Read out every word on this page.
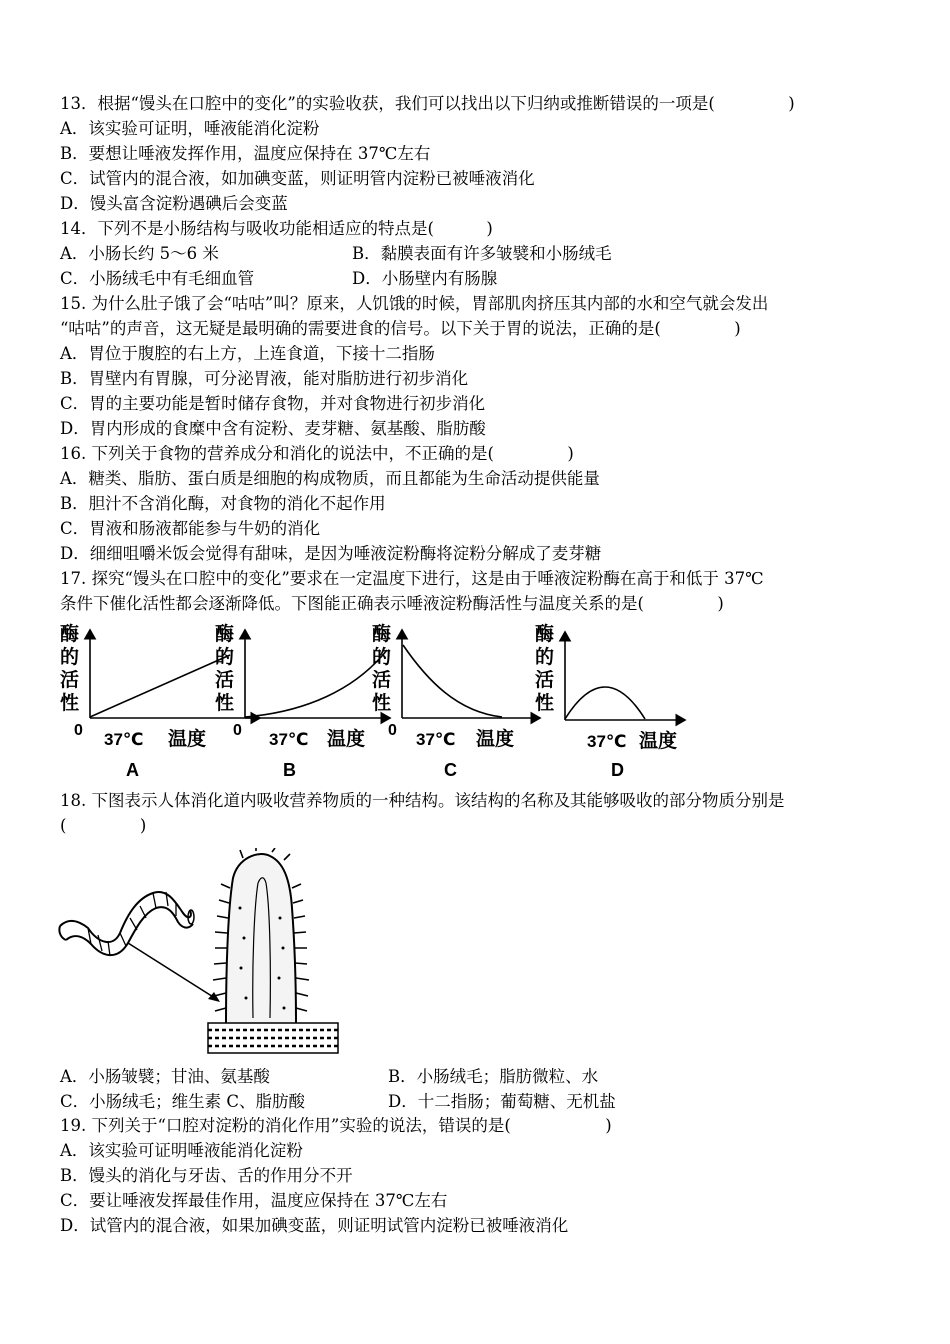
13．根据“馒头在口腔中的变化”的实验收获，我们可以找出以下归纳或推断错误的一项是(              )
A．该实验可证明，唾液能消化淀粉
B．要想让唾液发挥作用，温度应保持在 37℃左右
C．试管内的混合液，如加碘变蓝，则证明管内淀粉已被唾液消化
D．馒头富含淀粉遇碘后会变蓝
14．下列不是小肠结构与吸收功能相适应的特点是(          )
A．小肠长约 5～6 米	B．黏膜表面有许多皱襞和小肠绒毛
C．小肠绒毛中有毛细血管	D．小肠壁内有肠腺
15. 为什么肚子饿了会“咕咕”叫？原来，人饥饿的时候，胃部肌肉挤压其内部的水和空气就会发出
“咕咕”的声音，这无疑是最明确的需要进食的信号。以下关于胃的说法，正确的是(              )
A．胃位于腹腔的右上方，上连食道，下接十二指肠
B．胃壁内有胃腺，可分泌胃液，能对脂肪进行初步消化
C．胃的主要功能是暂时储存食物，并对食物进行初步消化
D．胃内形成的食糜中含有淀粉、麦芽糖、氨基酸、脂肪酸
16. 下列关于食物的营养成分和消化的说法中，不正确的是(              )
A．糖类、脂肪、蛋白质是细胞的构成物质，而且都能为生命活动提供能量
B．胆汁不含消化酶，对食物的消化不起作用
C．胃液和肠液都能参与牛奶的消化
D．细细咀嚼米饭会觉得有甜味，是因为唾液淀粉酶将淀粉分解成了麦芽糖
17. 探究“馒头在口腔中的变化”要求在一定温度下进行，这是由于唾液淀粉酶在高于和低于 37℃
条件下催化活性都会逐渐降低。下图能正确表示唾液淀粉酶活性与温度关系的是(              )
酶
的
活
性
0 37℃ 温度
A
酶
的
活
性
0 37℃ 温度
B
酶
的
活
性
0 37℃ 温度
C
酶
的
活
性
37℃ 温度
D
18. 下图表示人体消化道内吸收营养物质的一种结构。该结构的名称及其能够吸收的部分物质分别是
(              )
A．小肠皱襞；甘油、氨基酸	B．小肠绒毛；脂肪微粒、水
C．小肠绒毛；维生素 C、脂肪酸	D．十二指肠；葡萄糖、无机盐
19. 下列关于“口腔对淀粉的消化作用”实验的说法，错误的是(                  )
A．该实验可证明唾液能消化淀粉
B．馒头的消化与牙齿、舌的作用分不开
C．要让唾液发挥最佳作用，温度应保持在 37℃左右
D．试管内的混合液，如果加碘变蓝，则证明试管内淀粉已被唾液消化
